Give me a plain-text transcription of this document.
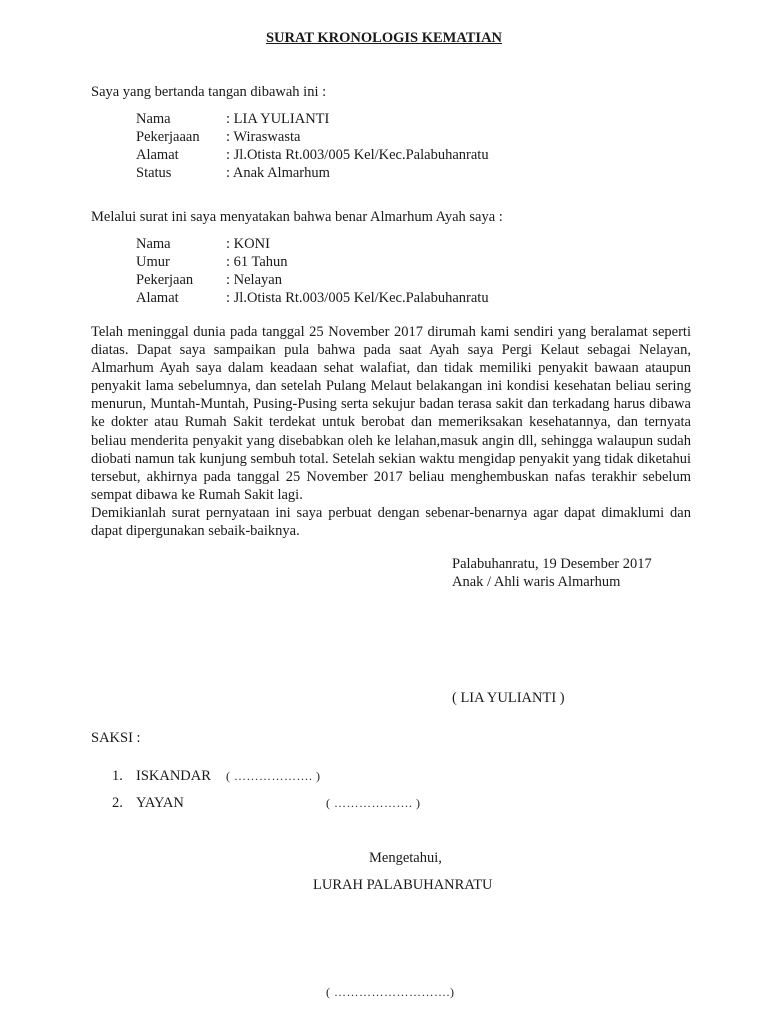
SURAT KRONOLOGIS KEMATIAN
Saya yang bertanda tangan dibawah ini :
Nama	: LIA YULIANTI
Pekerjaaan : Wiraswasta
Alamat	: Jl.Otista Rt.003/005 Kel/Kec.Palabuhanratu
Status	: Anak Almarhum
Melalui surat ini saya menyatakan bahwa benar Almarhum Ayah saya :
Nama	: KONI
Umur	: 61 Tahun
Pekerjaan : Nelayan
Alamat	: Jl.Otista Rt.003/005 Kel/Kec.Palabuhanratu

Telah meninggal dunia pada tanggal 25 November 2017 dirumah kami sendiri yang beralamat seperti diatas. Dapat saya sampaikan pula bahwa pada saat Ayah saya Pergi Kelaut sebagai Nelayan, Almarhum Ayah saya dalam keadaan sehat walafiat, dan tidak memiliki penyakit bawaan ataupun penyakit lama sebelumnya, dan setelah Pulang Melaut belakangan ini kondisi kesehatan beliau sering menurun, Muntah-Muntah, Pusing-Pusing serta sekujur badan terasa sakit dan terkadang harus dibawa ke dokter atau Rumah Sakit terdekat untuk berobat dan memeriksakan kesehatannya, dan ternyata beliau menderita penyakit yang disebabkan oleh ke lelahan,masuk angin dll, sehingga walaupun sudah diobati namun tak kunjung sembuh total. Setelah sekian waktu mengidap penyakit yang tidak diketahui tersebut, akhirnya pada tanggal 25 November 2017 beliau menghembuskan nafas terakhir sebelum sempat dibawa ke Rumah Sakit lagi.

Demikianlah surat pernyataan ini saya perbuat dengan sebenar-benarnya agar dapat dimaklumi dan dapat dipergunakan sebaik-baiknya.

Palabuhanratu, 19 Desember 2017
Anak / Ahli waris Almarhum
( LIA YULIANTI )
SAKSI :
1. ISKANDAR ( ………………. )
2. YAYAN	( ………………. )
Mengetahui,
LURAH PALABUHANRATU
( ……………………….)
